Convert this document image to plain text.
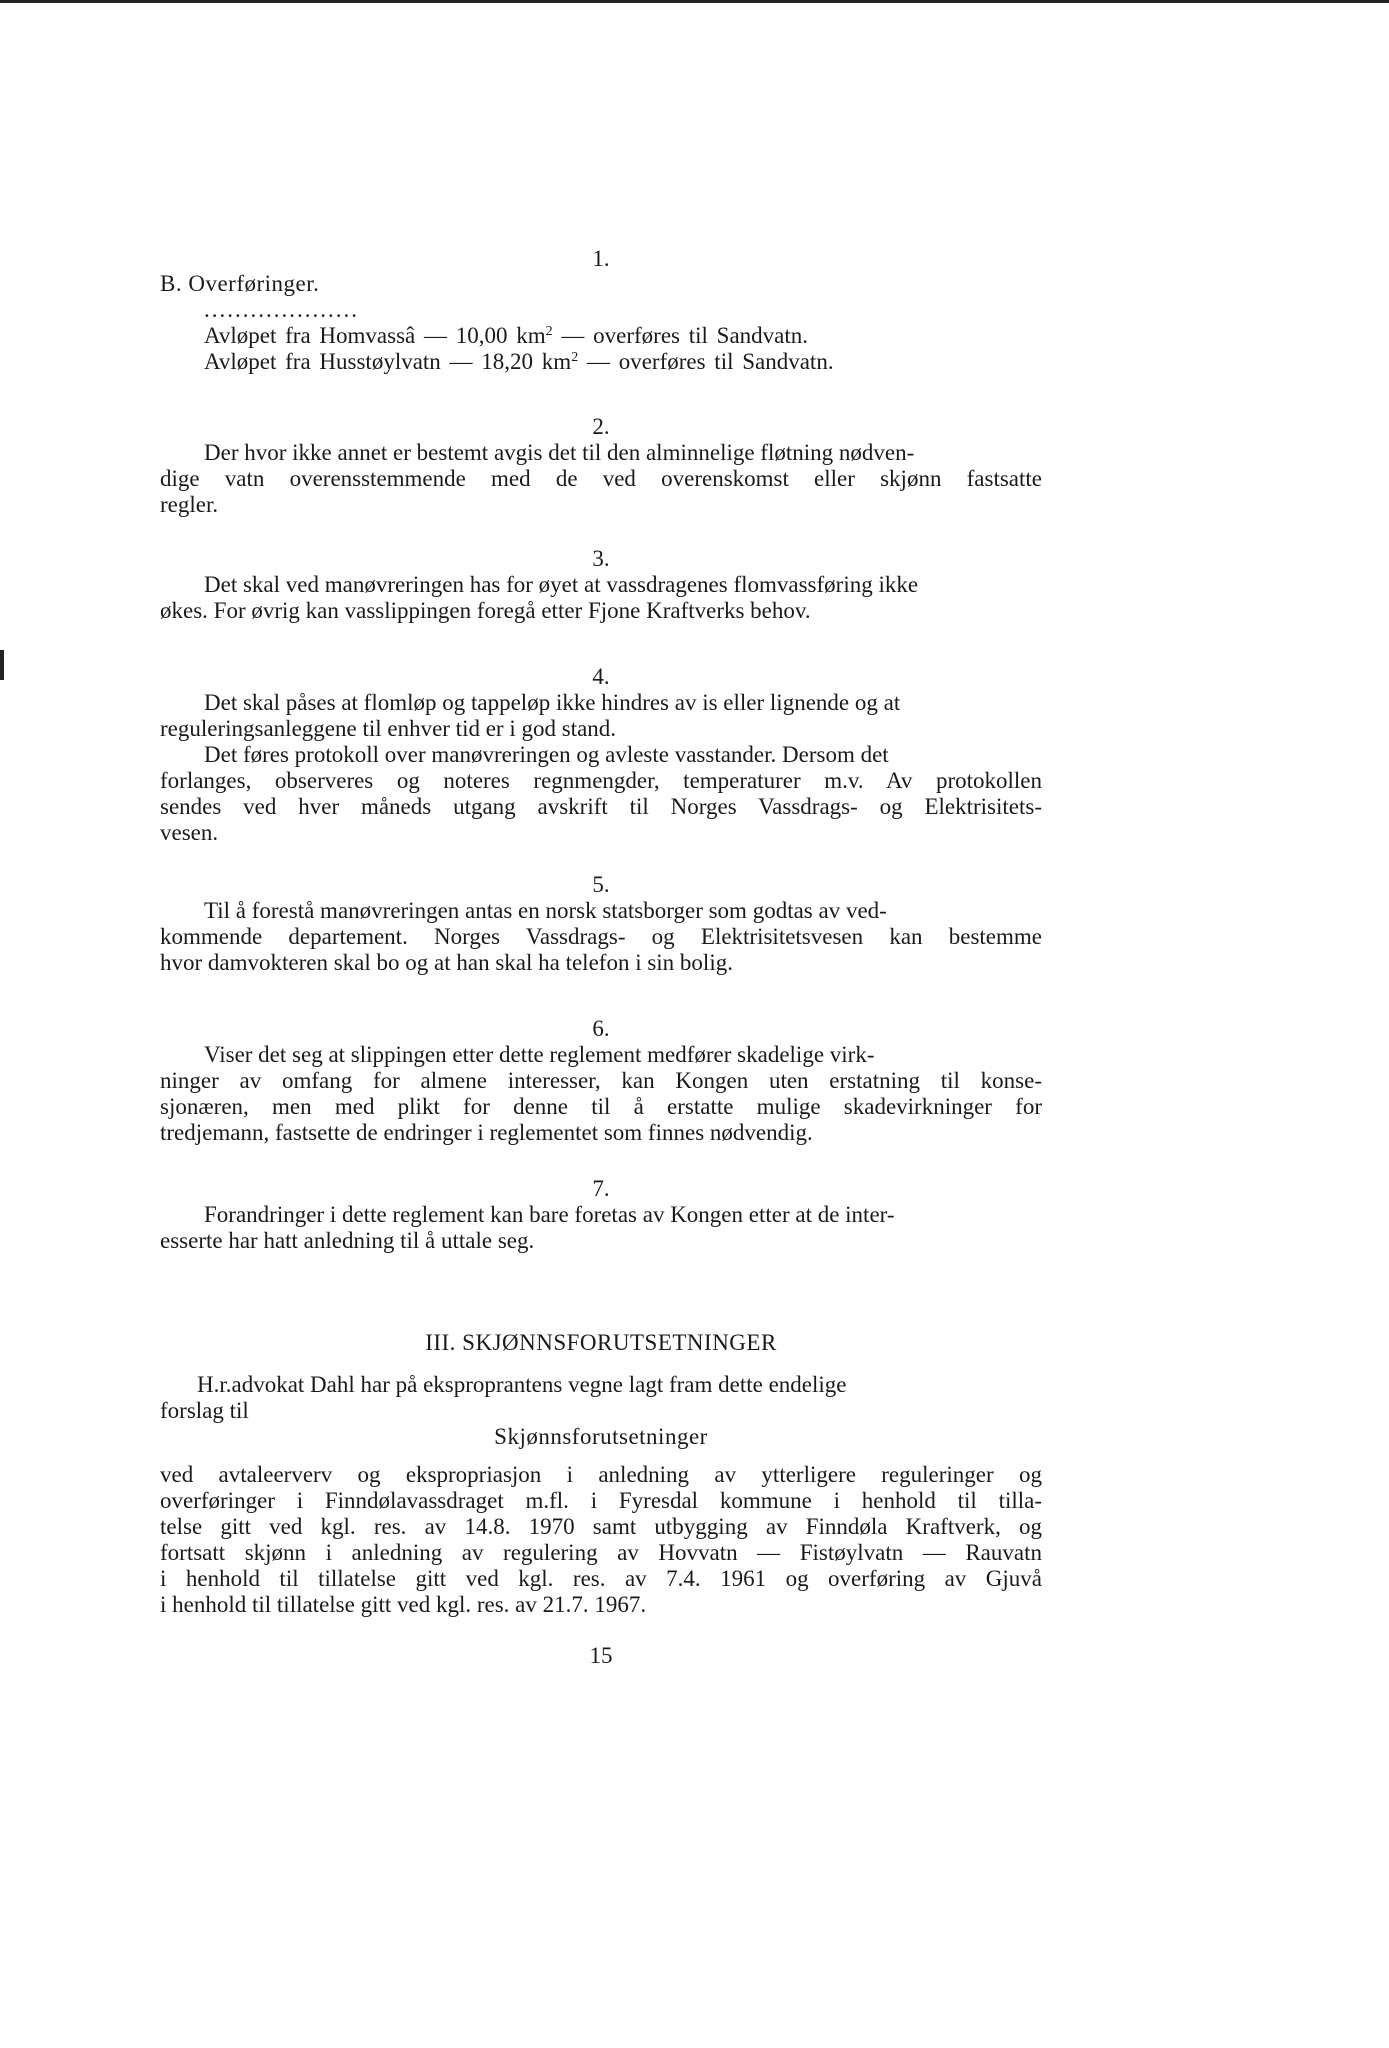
1.
B. Overføringer.
....................
Avløpet fra Homvassâ — 10,00 $km^2$ — overføres til Sandvatn.
Avløpet fra Husstøylvatn — 18,20 $km^2$ — overføres til Sandvatn.
2.
Der hvor ikke annet er bestemt avgis det til den alminnelige fløtning nødven-
dige vatn overensstemmende med de ved overenskomst eller skjønn fastsatte
regler.
3.
Det skal ved manøvreringen has for øyet at vassdragenes flomvassføring ikke
økes. For øvrig kan vasslippingen foregå etter Fjone Kraftverks behov.
4.
Det skal påses at flomløp og tappeløp ikke hindres av is eller lignende og at
reguleringsanleggene til enhver tid er i god stand.
Det føres protokoll over manøvreringen og avleste vasstander. Dersom det
forlanges, observeres og noteres regnmengder, temperaturer m.v. Av protokollen
sendes ved hver måneds utgang avskrift til Norges Vassdrags- og Elektrisitets-
vesen.
5.
Til å forestå manøvreringen antas en norsk statsborger som godtas av ved-
kommende departement. Norges Vassdrags- og Elektrisitetsvesen kan bestemme
hvor damvokteren skal bo og at han skal ha telefon i sin bolig.
6.
Viser det seg at slippingen etter dette reglement medfører skadelige virk-
ninger av omfang for almene interesser, kan Kongen uten erstatning til konse-
sjonæren, men med plikt for denne til å erstatte mulige skadevirkninger for
tredjemann, fastsette de endringer i reglementet som finnes nødvendig.
7.
Forandringer i dette reglement kan bare foretas av Kongen etter at de inter-
esserte har hatt anledning til å uttale seg.
III. SKJØNNSFORUTSETNINGER
H.r.advokat Dahl har på eksproprantens vegne lagt fram dette endelige
forslag til
Skjønnsforutsetninger
ved avtaleerverv og ekspropriasjon i anledning av ytterligere reguleringer og
overføringer i Finndølavassdraget m.fl. i Fyresdal kommune i henhold til tilla-
telse gitt ved kgl. res. av 14.8. 1970 samt utbygging av Finndøla Kraftverk, og
fortsatt skjønn i anledning av regulering av Hovvatn — Fistøylvatn — Rauvatn
i henhold til tillatelse gitt ved kgl. res. av 7.4. 1961 og overføring av Gjuvå
i henhold til tillatelse gitt ved kgl. res. av 21.7. 1967.
15
